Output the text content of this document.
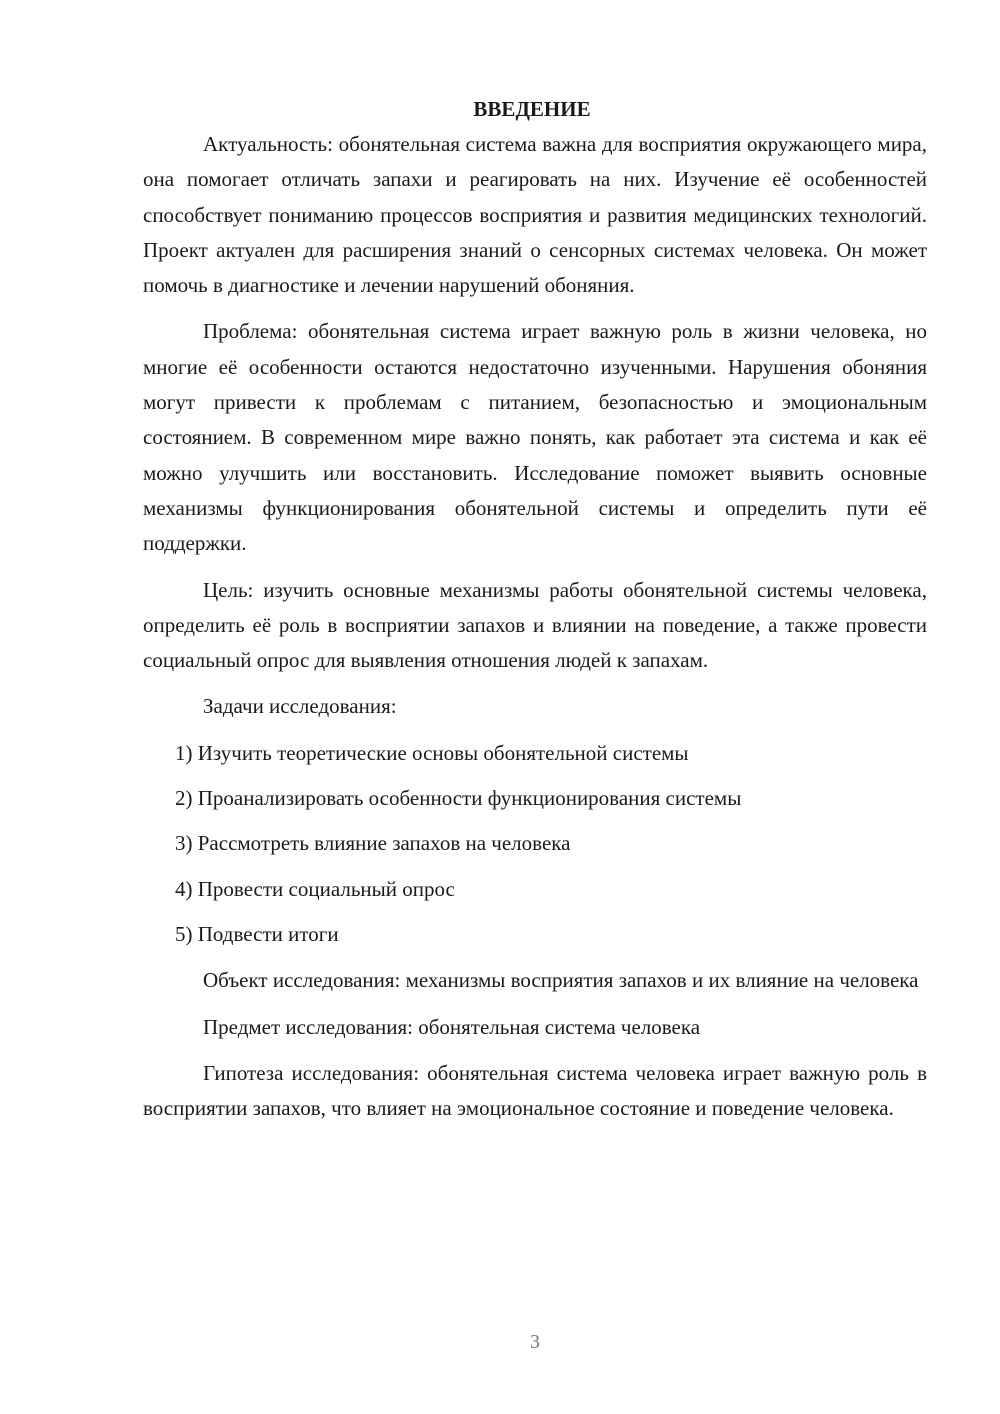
ВВЕДЕНИЕ

Актуальность: обонятельная система важна для восприятия окружающего мира, она помогает отличать запахи и реагировать на них. Изучение её особенностей способствует пониманию процессов восприятия и развития медицинских технологий. Проект актуален для расширения знаний о сенсорных системах человека. Он может помочь в диагностике и лечении нарушений обоняния.

Проблема: обонятельная система играет важную роль в жизни человека, но многие её особенности остаются недостаточно изученными. Нарушения обоняния могут привести к проблемам с питанием, безопасностью и эмоциональным состоянием. В современном мире важно понять, как работает эта система и как её можно улучшить или восстановить. Исследование поможет выявить основные механизмы функционирования обонятельной системы и определить пути её поддержки.

Цель: изучить основные механизмы работы обонятельной системы человека, определить её роль в восприятии запахов и влиянии на поведение, а также провести социальный опрос для выявления отношения людей к запахам.

Задачи исследования:

1) Изучить теоретические основы обонятельной системы

2) Проанализировать особенности функционирования системы

3) Рассмотреть влияние запахов на человека

4) Провести социальный опрос

5) Подвести итоги

Объект исследования: механизмы восприятия запахов и их влияние на человека

Предмет исследования: обонятельная система человека

Гипотеза исследования: обонятельная система человека играет важную роль в восприятии запахов, что влияет на эмоциональное состояние и поведение человека.

3
